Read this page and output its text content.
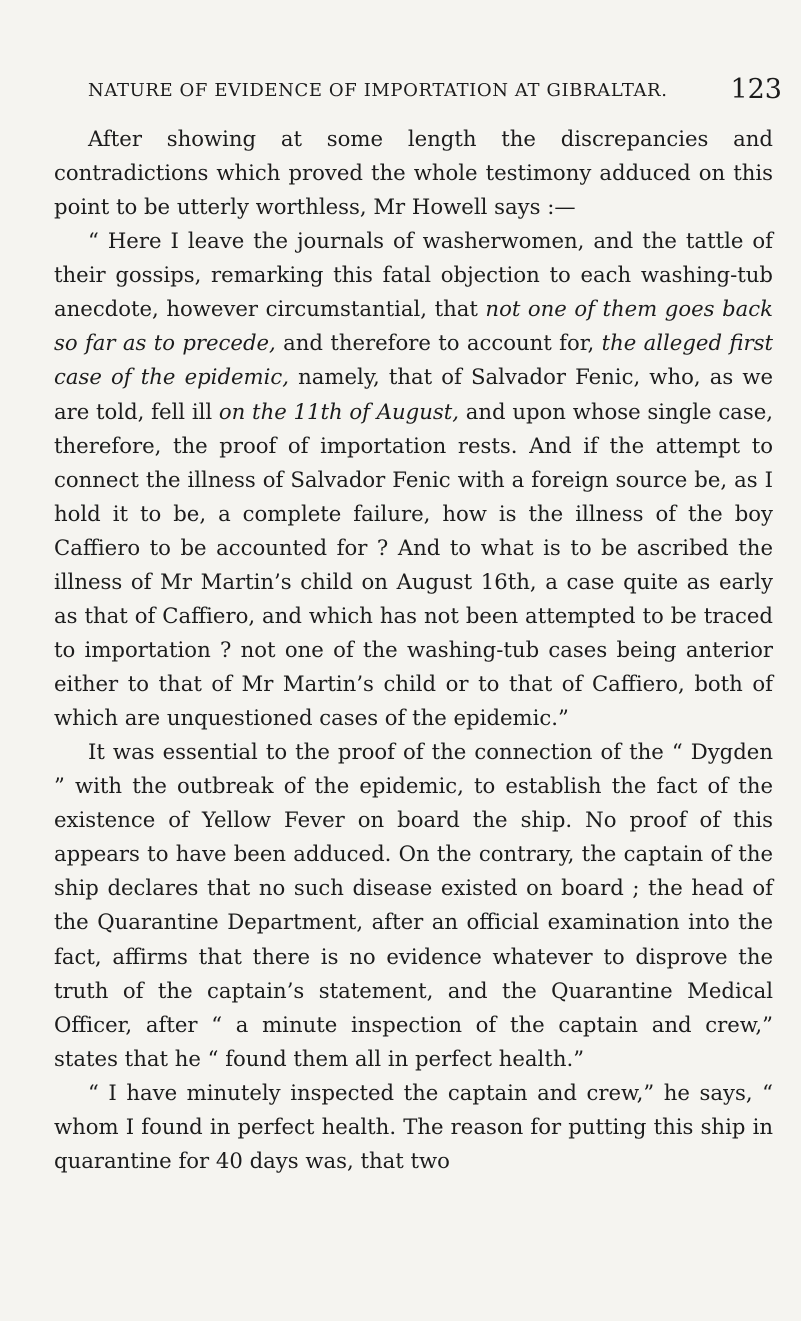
NATURE OF EVIDENCE OF IMPORTATION AT GIBRALTAR. 123

After showing at some length the discrepancies and contradictions which proved the whole testimony adduced on this point to be utterly worthless, Mr Howell says :—

“ Here I leave the journals of washerwomen, and the tattle of their gossips, remarking this fatal objection to each washing-tub anecdote, however circumstantial, that not one of them goes back so far as to precede, and therefore to account for, the alleged first case of the epidemic, namely, that of Salvador Fenic, who, as we are told, fell ill on the 11th of August, and upon whose single case, therefore, the proof of importation rests. And if the attempt to connect the illness of Salvador Fenic with a foreign source be, as I hold it to be, a complete failure, how is the illness of the boy Caffiero to be accounted for ? And to what is to be ascribed the illness of Mr Martin’s child on August 16th, a case quite as early as that of Caffiero, and which has not been attempted to be traced to importation ? not one of the washing-tub cases being anterior either to that of Mr Martin’s child or to that of Caffiero, both of which are unquestioned cases of the epidemic.”

It was essential to the proof of the connection of the “ Dygden ” with the outbreak of the epidemic, to establish the fact of the existence of Yellow Fever on board the ship. No proof of this appears to have been adduced. On the contrary, the captain of the ship declares that no such disease existed on board ; the head of the Quarantine Department, after an official examination into the fact, affirms that there is no evidence whatever to disprove the truth of the captain’s statement, and the Quarantine Medical Officer, after “ a minute inspection of the captain and crew,” states that he “ found them all in perfect health.”

“ I have minutely inspected the captain and crew,” he says, “ whom I found in perfect health. The reason for putting this ship in quarantine for 40 days was, that two
